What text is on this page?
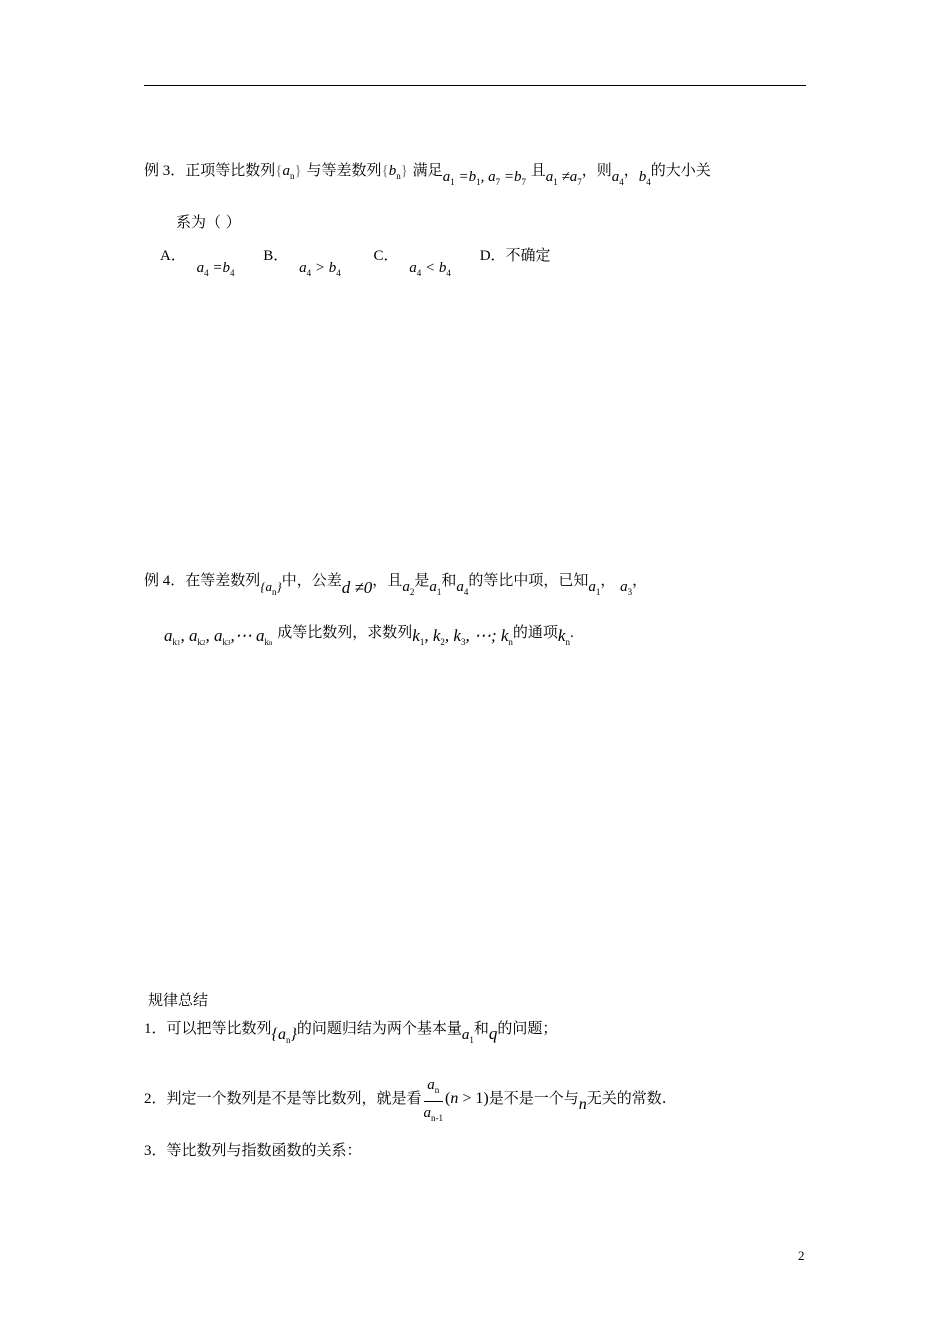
例 3．正项等比数列$\{a_n\}$ 与等差数列$\{b_n\}$ 满足$a_1 =b_1$, $a_7 =b_7$ 且$a_1 \ne a_7$，则$a_4$，$b_4$的大小关
系为（ ）
A． $a_4 =b_4$ B． $a_4 > b_4$ C． $a_4 < b_4$ D．不确定
例 4．在等差数列$\{a_n\}$中，公差d ≠0，且$a_2$是$a_1$和$a_4$的等比中项，已知$a_1$， $a_3$，
$a_{k1}$, $a_{k2}$, $a_{k3},\cdots$ $a_{kn}$ 成等比数列，求数列$k_1$, $k_2$, $k_3$, ⋯; $k_n$的通项$k_n$.
规律总结
1．可以把等比数列$\{a_n\}$的问题归结为两个基本量$a_1$和q的问题；
2．判定一个数列是不是等比数列，就是看 $\frac{a_n}{a_{n-1}} (n > 1)$是不是一个与n无关的常数.
3．等比数列与指数函数的关系：
2
